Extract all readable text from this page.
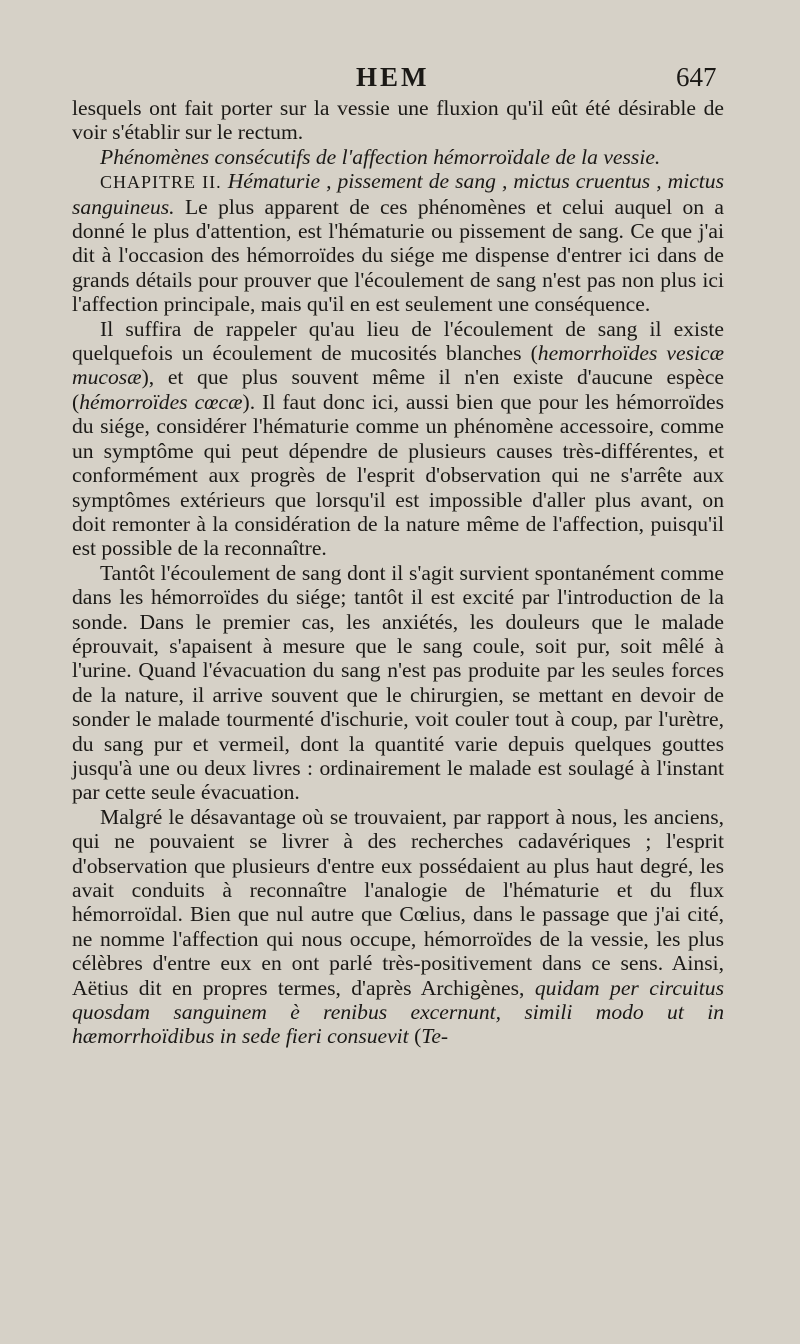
HEM	647

lesquels ont fait porter sur la vessie une fluxion qu'il eût été désirable de voir s'établir sur le rectum.

Phénomènes consécutifs de l'affection hémorroïdale de la vessie.

CHAPITRE II. Hématurie , pissement de sang , mictus cruentus , mictus sanguineus. Le plus apparent de ces phénomènes et celui auquel on a donné le plus d'attention, est l'hématurie ou pissement de sang. Ce que j'ai dit à l'occasion des hémorroïdes du siége me dispense d'entrer ici dans de grands détails pour prouver que l'écoulement de sang n'est pas non plus ici l'affection principale, mais qu'il en est seulement une conséquence.

Il suffira de rappeler qu'au lieu de l'écoulement de sang il existe quelquefois un écoulement de mucosités blanches (hemorrhoïdes vesicæ mucosæ), et que plus souvent même il n'en existe d'aucune espèce (hémorroïdes cœcæ). Il faut donc ici, aussi bien que pour les hémorroïdes du siége, considérer l'hématurie comme un phénomène accessoire, comme un symptôme qui peut dépendre de plusieurs causes très-différentes, et conformément aux progrès de l'esprit d'observation qui ne s'arrête aux symptômes extérieurs que lorsqu'il est impossible d'aller plus avant, on doit remonter à la considération de la nature même de l'affection, puisqu'il est possible de la reconnaître.

Tantôt l'écoulement de sang dont il s'agit survient spontanément comme dans les hémorroïdes du siége; tantôt il est excité par l'introduction de la sonde. Dans le premier cas, les anxiétés, les douleurs que le malade éprouvait, s'apaisent à mesure que le sang coule, soit pur, soit mêlé à l'urine. Quand l'évacuation du sang n'est pas produite par les seules forces de la nature, il arrive souvent que le chirurgien, se mettant en devoir de sonder le malade tourmenté d'ischurie, voit couler tout à coup, par l'urètre, du sang pur et vermeil, dont la quantité varie depuis quelques gouttes jusqu'à une ou deux livres : ordinairement le malade est soulagé à l'instant par cette seule évacuation.

Malgré le désavantage où se trouvaient, par rapport à nous, les anciens, qui ne pouvaient se livrer à des recherches cadavériques ; l'esprit d'observation que plusieurs d'entre eux possédaient au plus haut degré, les avait conduits à reconnaître l'analogie de l'hématurie et du flux hémorroïdal. Bien que nul autre que Cœlius, dans le passage que j'ai cité, ne nomme l'affection qui nous occupe, hémorroïdes de la vessie, les plus célèbres d'entre eux en ont parlé très-positivement dans ce sens. Ainsi, Aëtius dit en propres termes, d'après Archigènes, quidam per circuitus quosdam sanguinem è renibus excernunt, simili modo ut in hæmorrhoïdibus in sede fieri consuevit (Te-
